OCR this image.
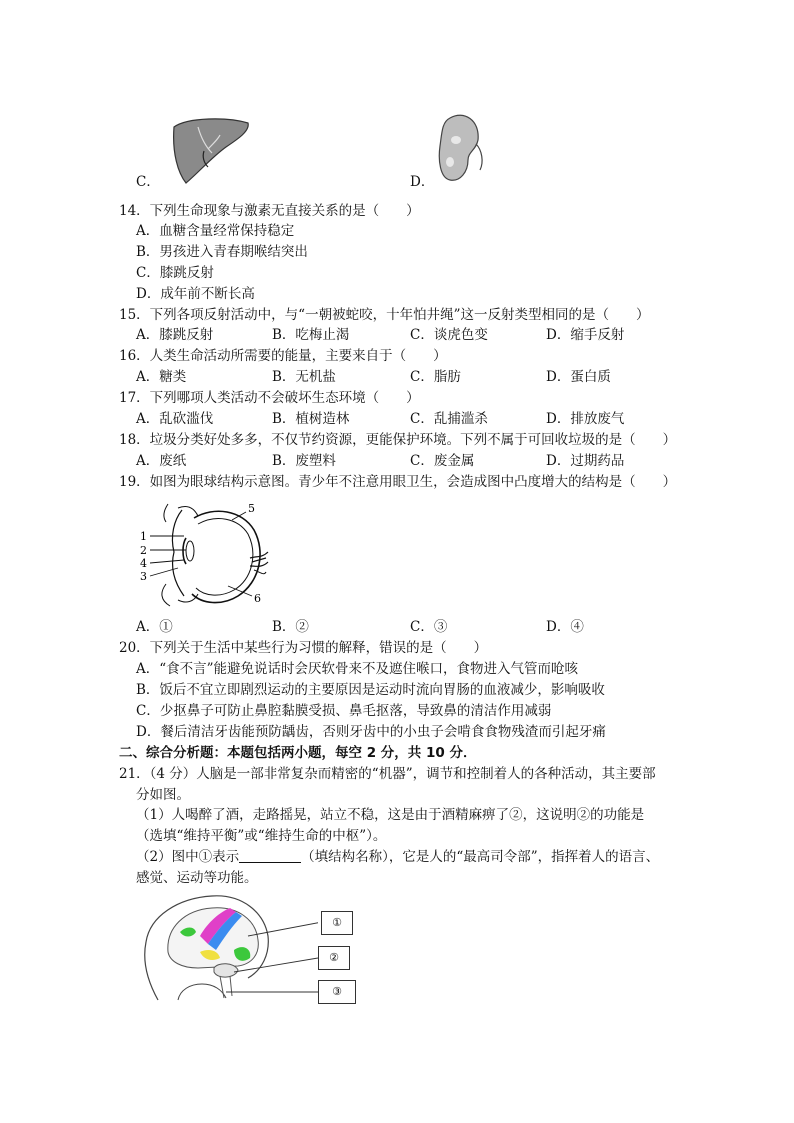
C．	D．
14．下列生命现象与激素无直接关系的是（　　）
A．血糖含量经常保持稳定
B．男孩进入青春期喉结突出
C．膝跳反射
D．成年前不断长高
15．下列各项反射活动中，与“一朝被蛇咬，十年怕井绳”这一反射类型相同的是（　　）
A．膝跳反射	B．吃梅止渴	C．谈虎色变	D．缩手反射
16．人类生命活动所需要的能量，主要来自于（　　）
A．糖类	B．无机盐	C．脂肪	D．蛋白质
17．下列哪项人类活动不会破坏生态环境（　　）
A．乱砍滥伐	B．植树造林	C．乱捕滥杀	D．排放废气
18．垃圾分类好处多多，不仅节约资源，更能保护环境。下列不属于可回收垃圾的是（　　）
A．废纸	B．废塑料	C．废金属	D．过期药品
19．如图为眼球结构示意图。青少年不注意用眼卫生，会造成图中凸度增大的结构是（　　）
1
2
4
3
5
6
A．①	B．②	C．③	D．④
20．下列关于生活中某些行为习惯的解释，错误的是（　　）
A．“食不言”能避免说话时会厌软骨来不及遮住喉口，食物进入气管而呛咳
B．饭后不宜立即剧烈运动的主要原因是运动时流向胃肠的血液减少，影响吸收
C．少抠鼻子可防止鼻腔黏膜受损、鼻毛抠落，导致鼻的清洁作用减弱
D．餐后清洁牙齿能预防龋齿，否则牙齿中的小虫子会啃食食物残渣而引起牙痛
二、综合分析题：本题包括两小题，每空 2 分，共 10 分．
21．（4 分）人脑是一部非常复杂而精密的“机器”，调节和控制着人的各种活动，其主要部
分如图。
（1）人喝醉了酒，走路摇晃，站立不稳，这是由于酒精麻痹了②，这说明②的功能是
（选填“维持平衡”或“维持生命的中枢”）。
（2）图中①表示	（填结构名称），它是人的“最高司令部”，指挥着人的语言、
感觉、运动等功能。
①
②
③
